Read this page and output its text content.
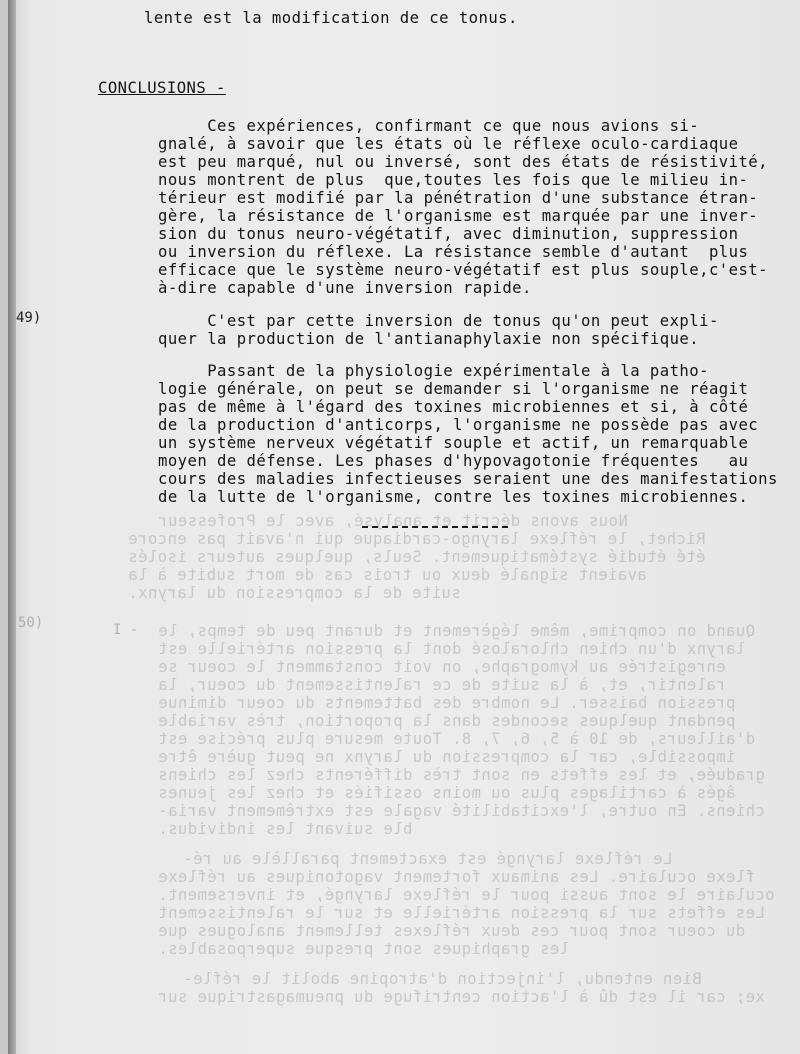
50)	I -
Nous avons décrit et analysé, avec le Professeur
Richet, le réflexe laryngo-cardiaque qui n'avait pas encore
été étudié systématiquement. Seuls, quelques auteurs isolés
avaient signalé deux ou trois cas de mort subite à la
suite de la compression du larynx.
Quand on comprime, même légèrement et durant peu de temps, le
larynx d'un chien chloralosé dont la pression artérielle est
enregistrée au kymographe, on voit constamment le coeur se
ralentir, et, à la suite de ce ralentissement du coeur, la
pression baisser. Le nombre des battements du coeur diminue
pendant quelques secondes dans la proportion, très variable
d'ailleurs, de 10 à 5, 6, 7, 8. Toute mesure plus précise est
impossible, car la compression du larynx ne peut guère être
graduée, et les effets en sont très différents chez les chiens
âgés à cartilages plus ou moins ossifiés et chez les jeunes
chiens. En outre, l'excitabilité vagale est extrêmement varia-
ble suivant les individus.
Le réflexe laryngé est exactement parallèle au ré-
flexe oculaire. Les animaux fortement vagotoniques au réflexe
oculaire le sont aussi pour le réflexe laryngé, et inversement.
Les effets sur la pression artérielle et sur le ralentissement
du coeur sont pour ces deux réflexes tellement analogues que
les graphiques sont presque superposables.
Bien entendu, l'injection d'atropine abolit le réfle-
xe; car il est dû à l'action centrifuge du pneumagastrique sur
lente est la modification de ce tonus.
CONCLUSIONS -
Ces expériences, confirmant ce que nous avions si-
gnalé, à savoir que les états où le réflexe oculo-cardiaque
est peu marqué, nul ou inversé, sont des états de résistivité,
nous montrent de plus  que,toutes les fois que le milieu in-
térieur est modifié par la pénétration d'une substance étran-
gère, la résistance de l'organisme est marquée par une inver-
sion du tonus neuro-végétatif, avec diminution, suppression
ou inversion du réflexe. La résistance semble d'autant  plus
efficace que le système neuro-végétatif est plus souple,c'est-
à-dire capable d'une inversion rapide.
49)	C'est par cette inversion de tonus qu'on peut expli-
quer la production de l'antianaphylaxie non spécifique.
Passant de la physiologie expérimentale à la patho-
logie générale, on peut se demander si l'organisme ne réagit
pas de même à l'égard des toxines microbiennes et si, à côté
de la production d'anticorps, l'organisme ne possède pas avec
un système nerveux végétatif souple et actif, un remarquable
moyen de défense. Les phases d'hypovagotonie fréquentes   au
cours des maladies infectieuses seraient une des manifestations
de la lutte de l'organisme, contre les toxines microbiennes.
